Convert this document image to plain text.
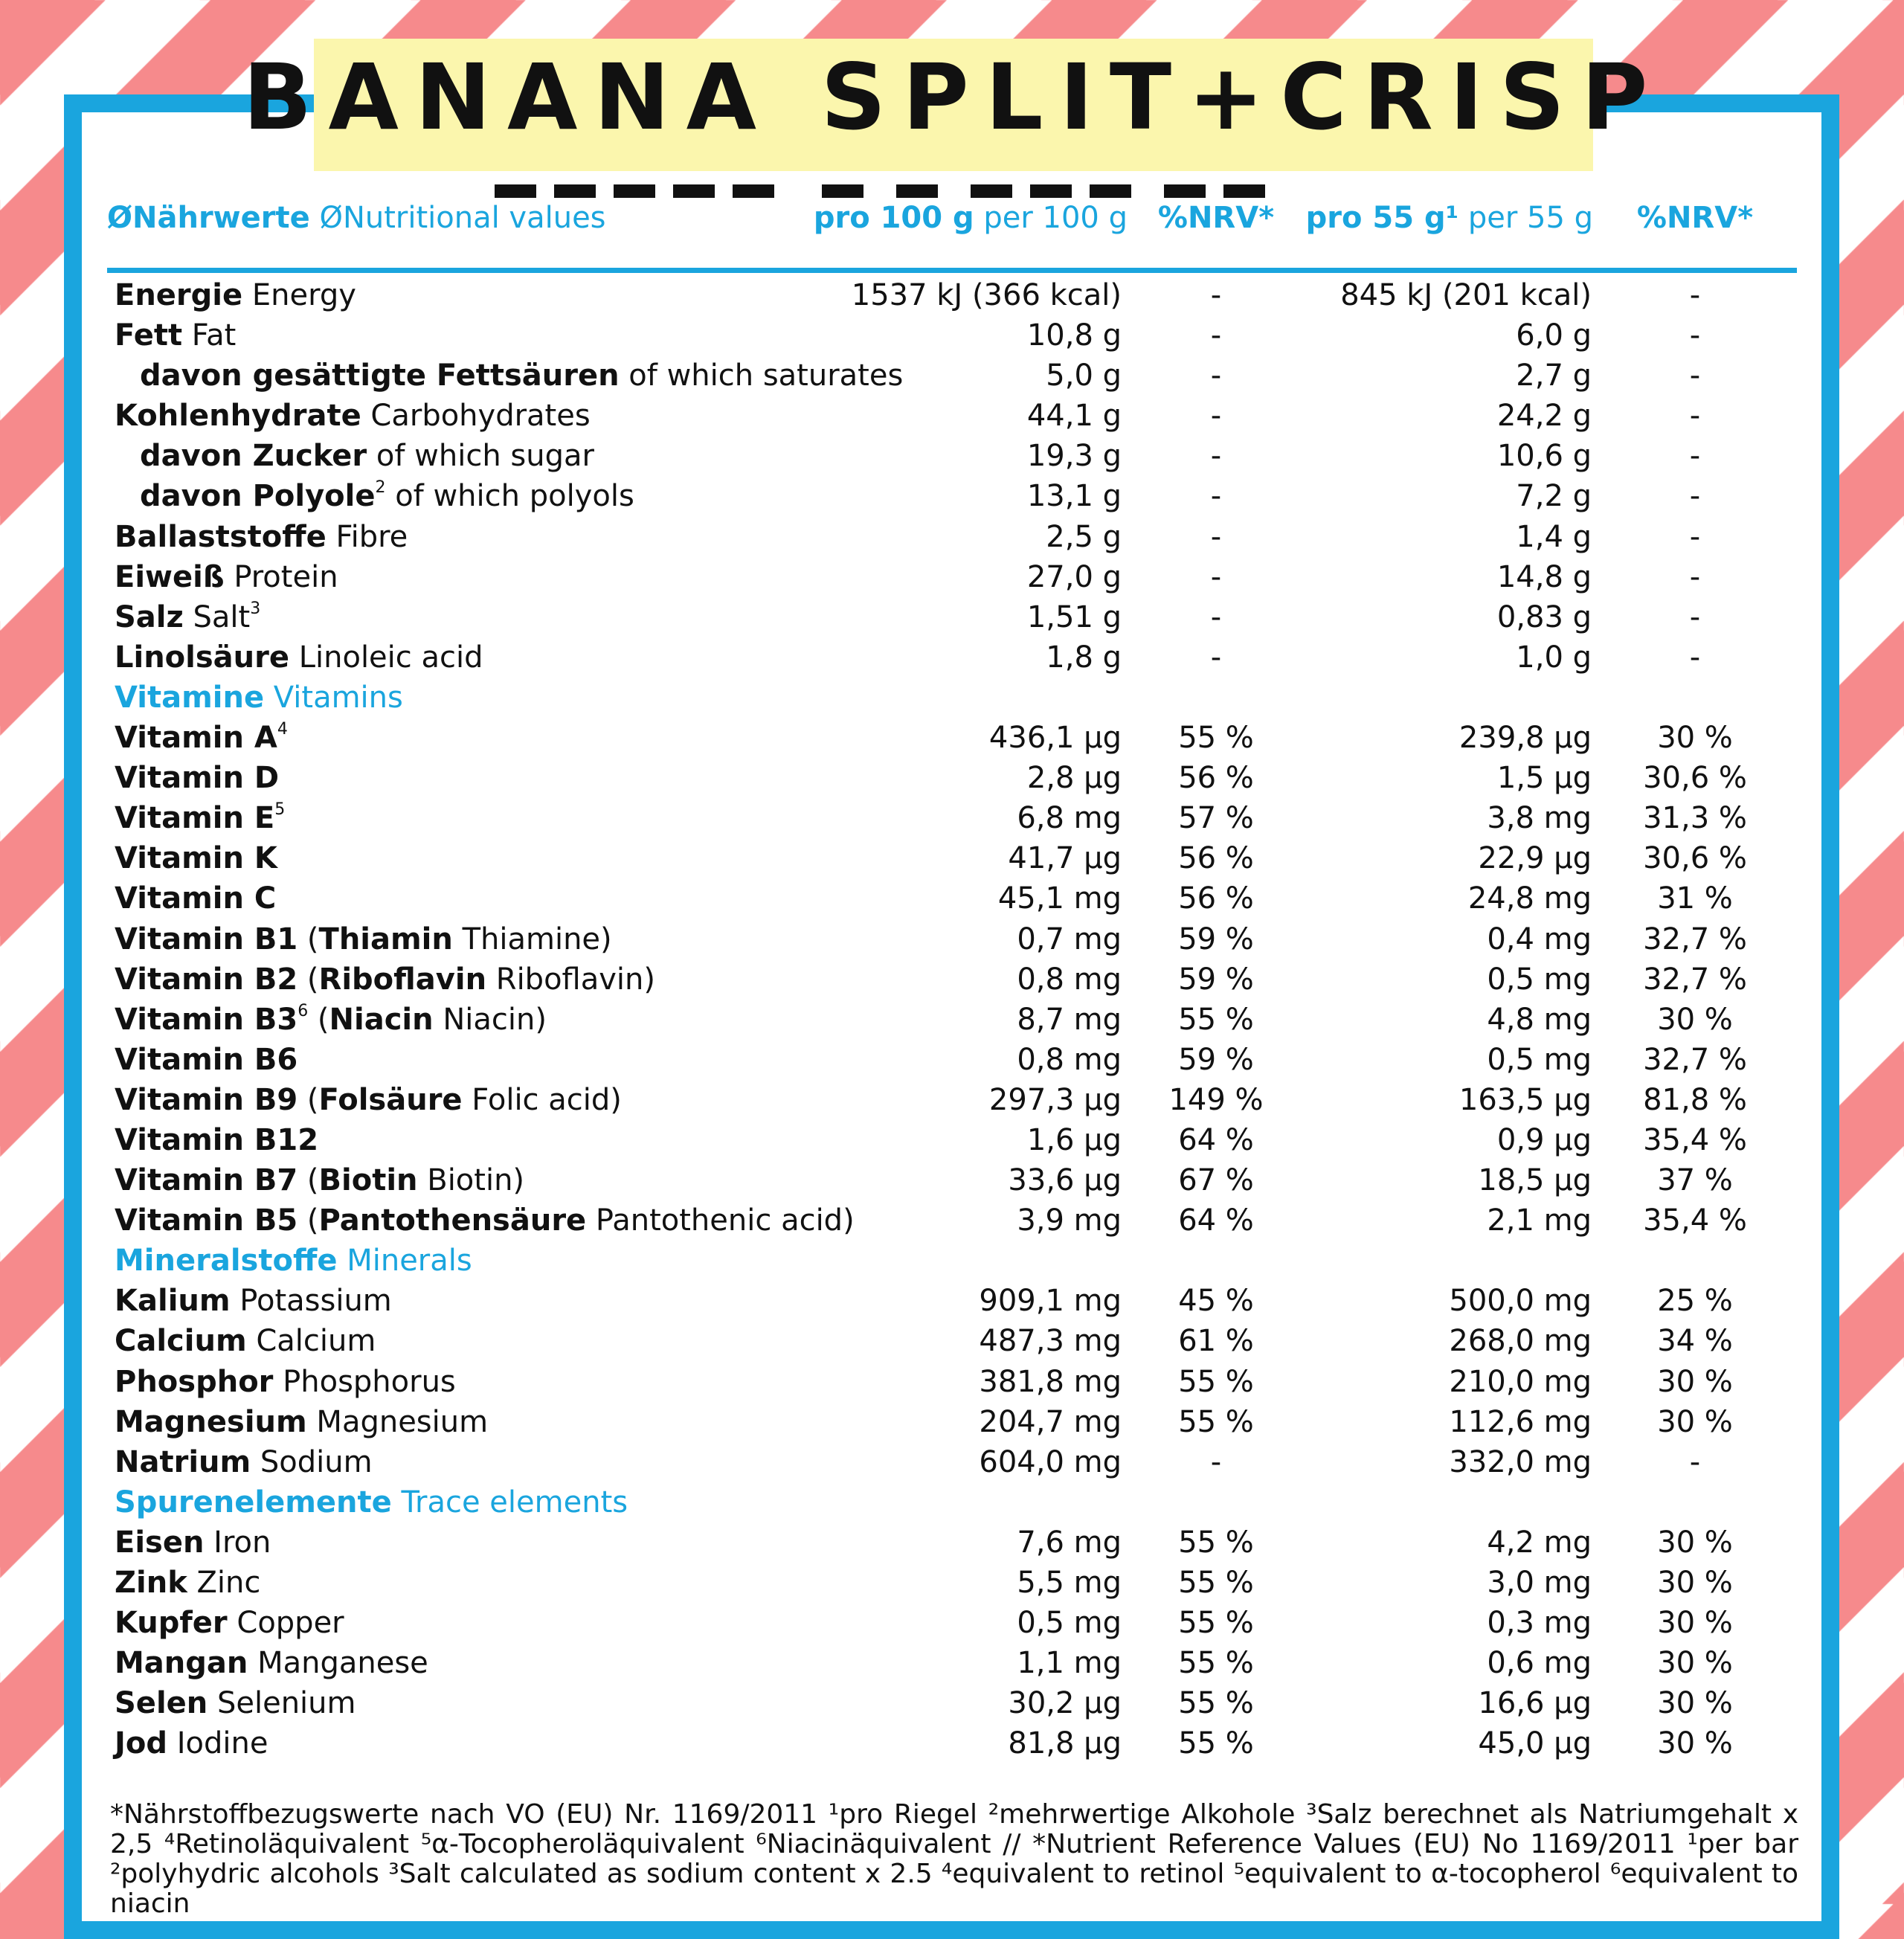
BANANA SPLIT+CRISP
ØNährwerte ØNutritional values	pro 100 g per 100 g	%NRV*	pro 55 g¹ per 55 g	%NRV*
Energie Energy	1537 kJ (366 kcal)	-	845 kJ (201 kcal)	-
Fett Fat	10,8 g	-	6,0 g	-
davon gesättigte Fettsäuren of which saturates	5,0 g	-	2,7 g	-
Kohlenhydrate Carbohydrates	44,1 g	-	24,2 g	-
davon Zucker of which sugar	19,3 g	-	10,6 g	-
davon Polyole$^2$ of which polyols	13,1 g	-	7,2 g	-
Ballaststoffe Fibre	2,5 g	-	1,4 g	-
Eiweiß Protein	27,0 g	-	14,8 g	-
Salz Salt$^3$	1,51 g	-	0,83 g	-
Linolsäure Linoleic acid	1,8 g	-	1,0 g	-
Vitamine Vitamins
Vitamin $A^4$	436,1 µg	55 %	239,8 µg	30 %
Vitamin D	2,8 µg	56 %	1,5 µg	30,6 %
Vitamin $E^5$	6,8 mg	57 %	3,8 mg	31,3 %
Vitamin K	41,7 µg	56 %	22,9 µg	30,6 %
Vitamin C	45,1 mg	56 %	24,8 mg	31 %
Vitamin B1 (Thiamin Thiamine)	0,7 mg	59 %	0,4 mg	32,7 %
Vitamin B2 (Riboflavin Riboflavin)	0,8 mg	59 %	0,5 mg	32,7 %
Vitamin $B3^6$ (Niacin Niacin)	8,7 mg	55 %	4,8 mg	30 %
Vitamin B6	0,8 mg	59 %	0,5 mg	32,7 %
Vitamin B9 (Folsäure Folic acid)	297,3 µg	149 %	163,5 µg	81,8 %
Vitamin B12	1,6 µg	64 %	0,9 µg	35,4 %
Vitamin B7 (Biotin Biotin)	33,6 µg	67 %	18,5 µg	37 %
Vitamin B5 (Pantothensäure Pantothenic acid)	3,9 mg	64 %	2,1 mg	35,4 %
Mineralstoffe Minerals
Kalium Potassium	909,1 mg	45 %	500,0 mg	25 %
Calcium Calcium	487,3 mg	61 %	268,0 mg	34 %
Phosphor Phosphorus	381,8 mg	55 %	210,0 mg	30 %
Magnesium Magnesium	204,7 mg	55 %	112,6 mg	30 %
Natrium Sodium	604,0 mg	-	332,0 mg	-
Spurenelemente Trace elements
Eisen Iron	7,6 mg	55 %	4,2 mg	30 %
Zink Zinc	5,5 mg	55 %	3,0 mg	30 %
Kupfer Copper	0,5 mg	55 %	0,3 mg	30 %
Mangan Manganese	1,1 mg	55 %	0,6 mg	30 %
Selen Selenium	30,2 µg	55 %	16,6 µg	30 %
Jod Iodine	81,8 µg	55 %	45,0 µg	30 %
*Nährstoffbezugswerte nach VO (EU) Nr. 1169/2011 ¹pro Riegel ²mehrwertige Alkohole ³Salz berechnet als Natriumgehalt x 2,5 ⁴Retinoläquivalent ⁵α-Tocopheroläquivalent ⁶Niacinäquivalent // *Nutrient Reference Values (EU) No 1169/2011 ¹per bar ²polyhydric alcohols ³Salt calculated as sodium content x 2.5 ⁴equivalent to retinol ⁵equivalent to α-tocopherol ⁶equivalent to niacin
